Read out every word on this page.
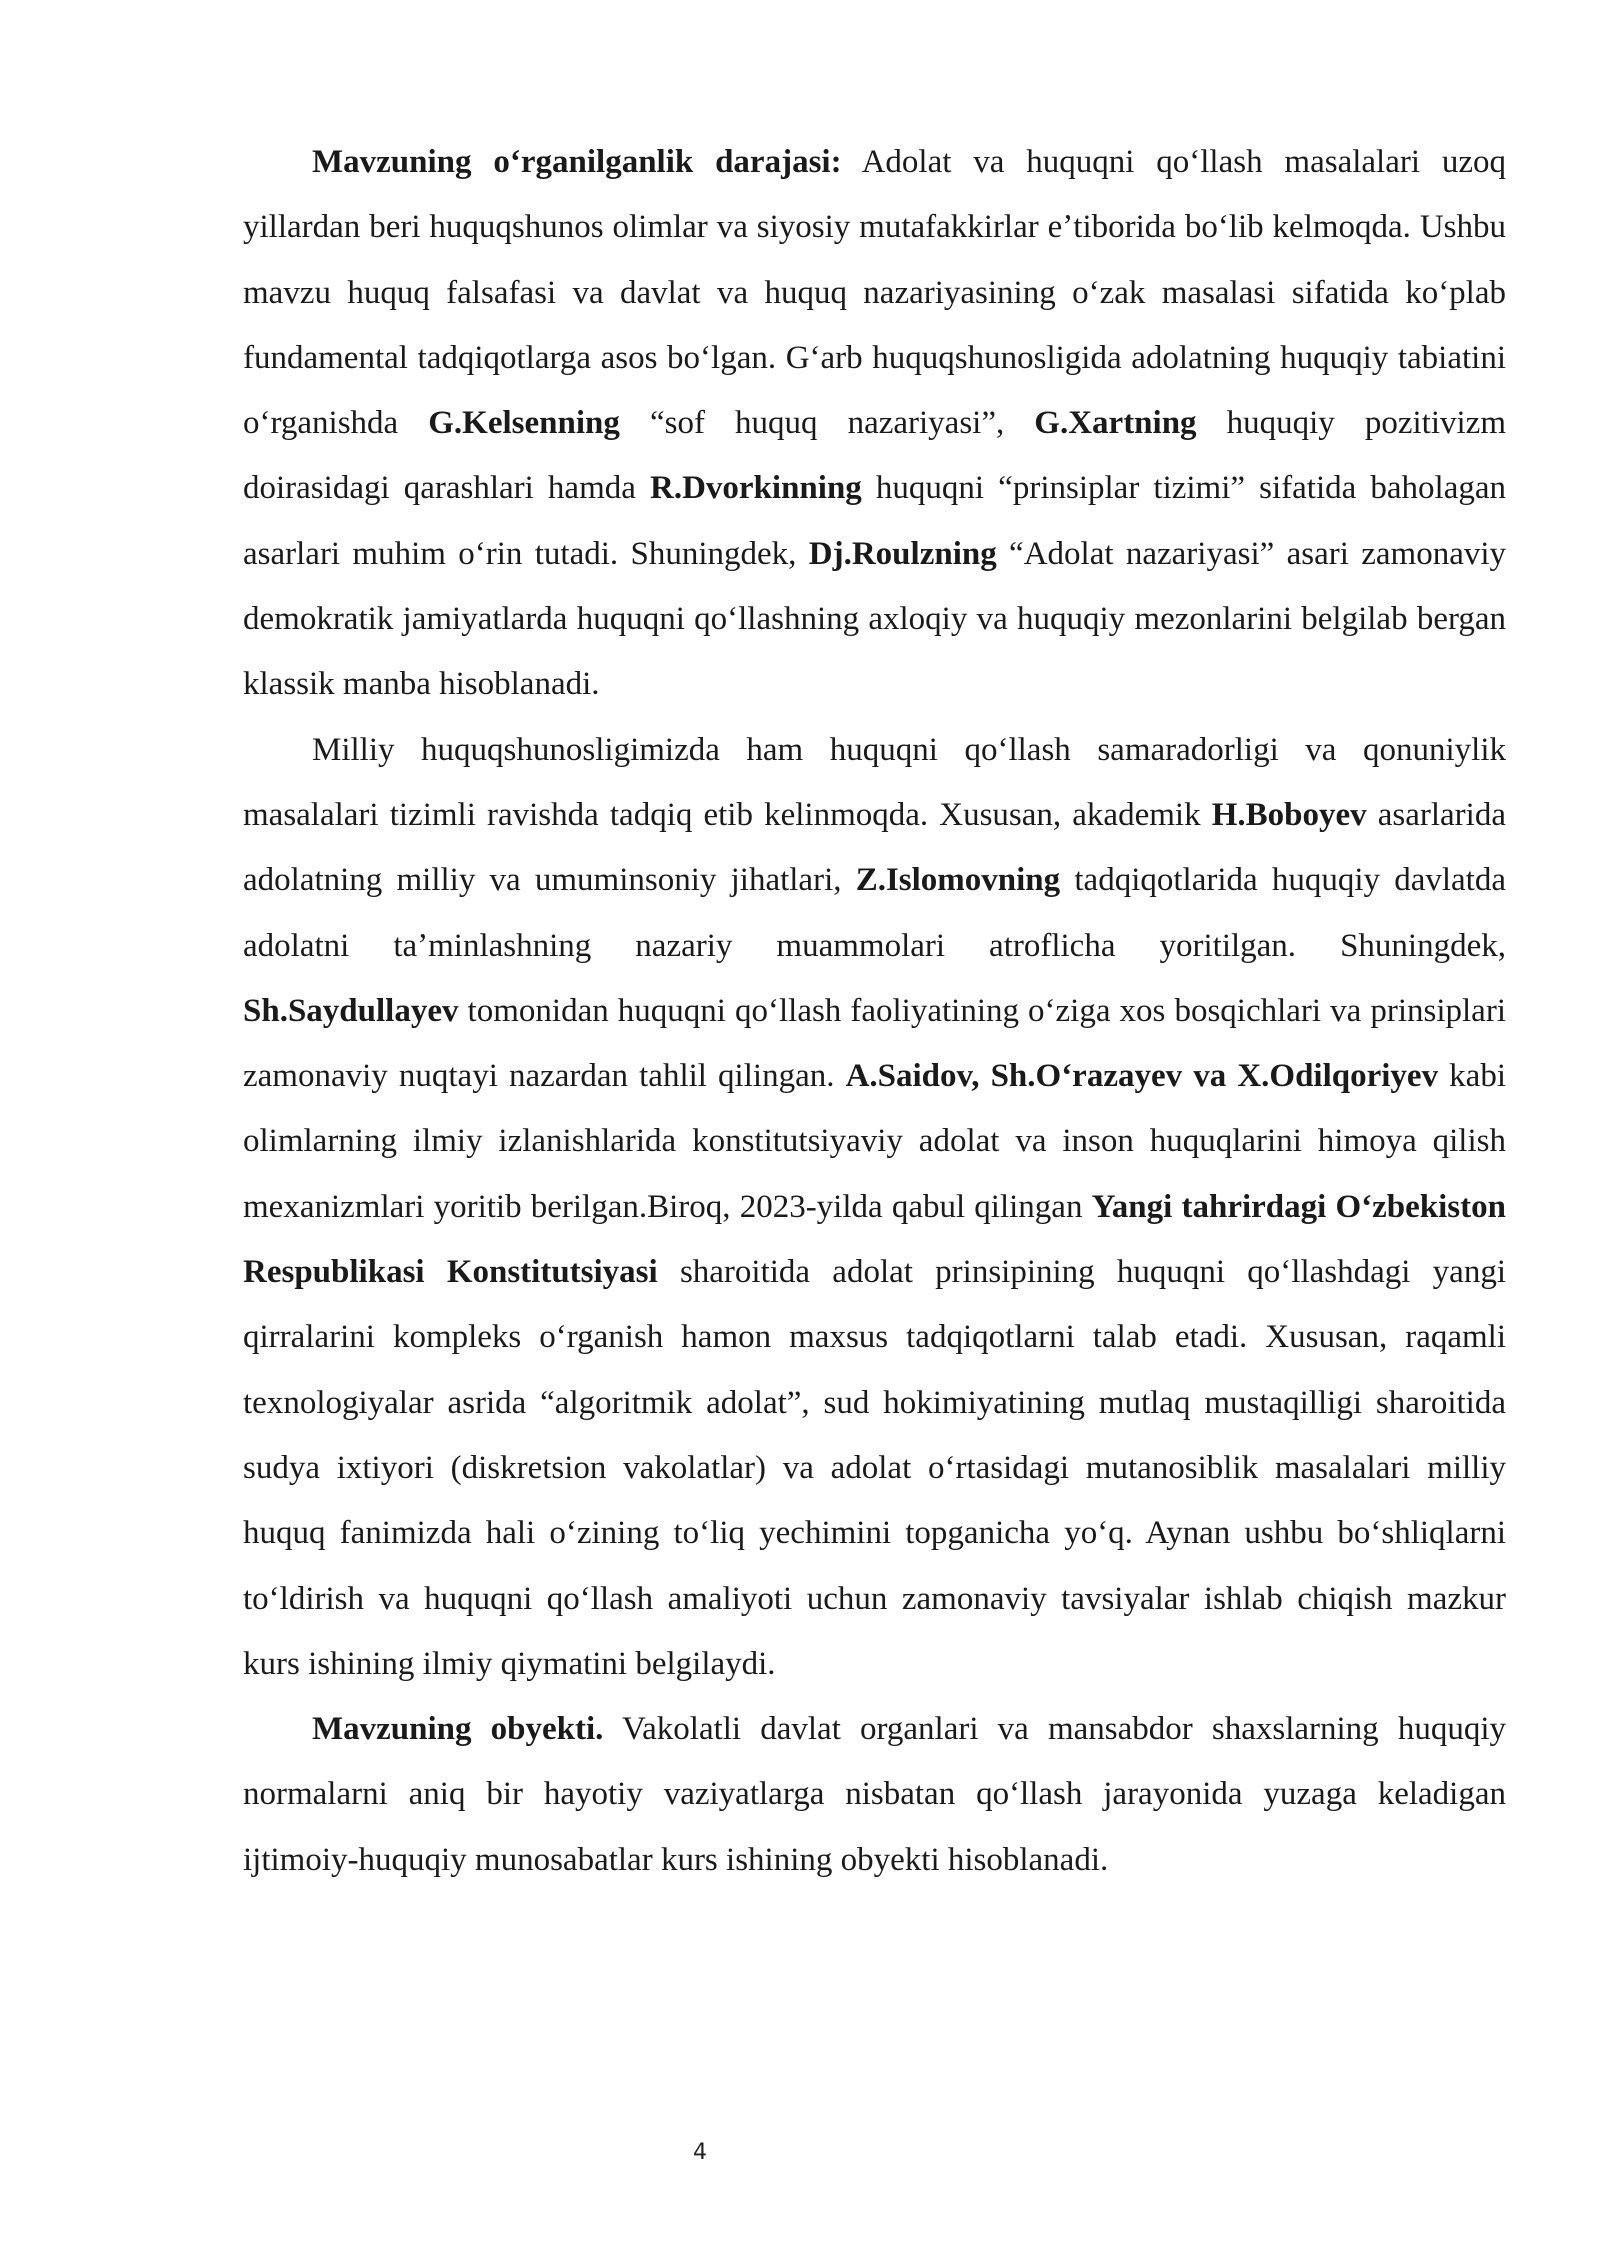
Mavzuning oʻrganilganlik darajasi: Adolat va huquqni qoʻllash masalalari uzoq yillardan beri huquqshunos olimlar va siyosiy mutafakkirlar eʼtiborida boʻlib kelmoqda. Ushbu mavzu huquq falsafasi va davlat va huquq nazariyasining oʻzak masalasi sifatida koʻplab fundamental tadqiqotlarga asos boʻlgan. Gʻarb huquqshunosligida adolatning huquqiy tabiatini oʻrganishda G.Kelsenning “sof huquq nazariyasi”, G.Xartning huquqiy pozitivizm doirasidagi qarashlari hamda R.Dvorkinning huquqni “prinsiplar tizimi” sifatida baholagan asarlari muhim oʻrin tutadi. Shuningdek, Dj.Roulzning “Adolat nazariyasi” asari zamonaviy demokratik jamiyatlarda huquqni qoʻllashning axloqiy va huquqiy mezonlarini belgilab bergan klassik manba hisoblanadi.

Milliy huquqshunosligimizda ham huquqni qoʻllash samaradorligi va qonuniylik masalalari tizimli ravishda tadqiq etib kelinmoqda. Xususan, akademik H.Boboyev asarlarida adolatning milliy va umuminsoniy jihatlari, Z.Islomovning tadqiqotlarida huquqiy davlatda adolatni taʼminlashning nazariy muammolari atroflicha yoritilgan. Shuningdek, Sh.Saydullayev tomonidan huquqni qoʻllash faoliyatining oʻziga xos bosqichlari va prinsiplari zamonaviy nuqtayi nazardan tahlil qilingan. A.Saidov, Sh.Oʻrazayev va X.Odilqoriyev kabi olimlarning ilmiy izlanishlarida konstitutsiyaviy adolat va inson huquqlarini himoya qilish mexanizmlari yoritib berilgan.Biroq, 2023-yilda qabul qilingan Yangi tahrirdagi Oʻzbekiston Respublikasi Konstitutsiyasi sharoitida adolat prinsipining huquqni qoʻllashdagi yangi qirralarini kompleks oʻrganish hamon maxsus tadqiqotlarni talab etadi. Xususan, raqamli texnologiyalar asrida “algoritmik adolat”, sud hokimiyatining mutlaq mustaqilligi sharoitida sudya ixtiyori (diskretsion vakolatlar) va adolat oʻrtasidagi mutanosiblik masalalari milliy huquq fanimizda hali oʻzining toʻliq yechimini topganicha yoʻq. Aynan ushbu boʻshliqlarni toʻldirish va huquqni qoʻllash amaliyoti uchun zamonaviy tavsiyalar ishlab chiqish mazkur kurs ishining ilmiy qiymatini belgilaydi.

Mavzuning obyekti. Vakolatli davlat organlari va mansabdor shaxslarning huquqiy normalarni aniq bir hayotiy vaziyatlarga nisbatan qoʻllash jarayonida yuzaga keladigan ijtimoiy-huquqiy munosabatlar kurs ishining obyekti hisoblanadi.

4
